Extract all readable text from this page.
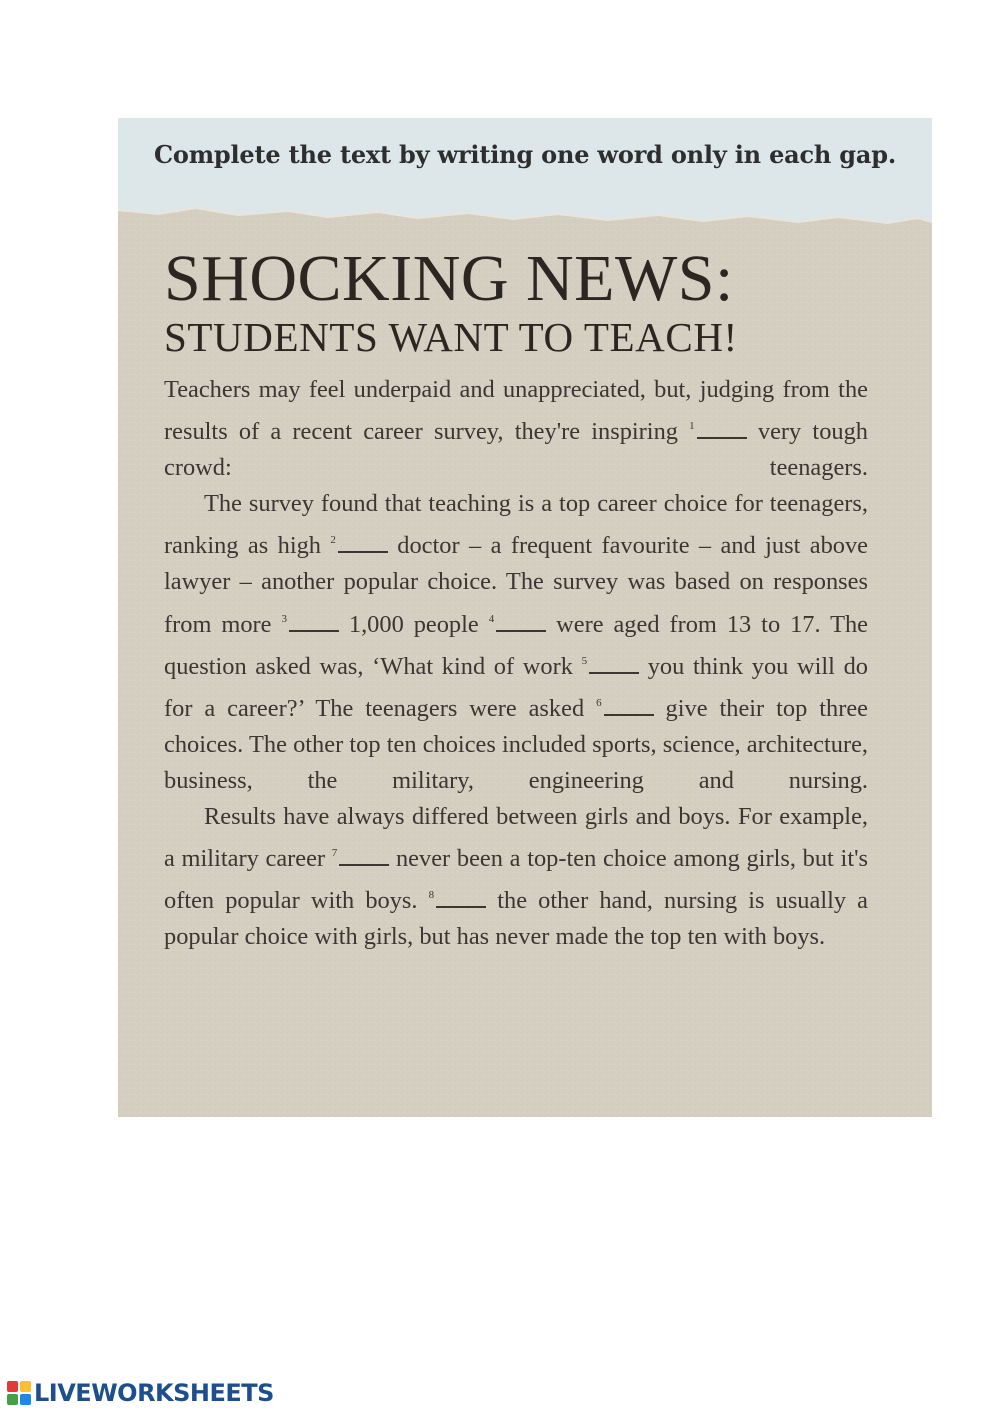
Complete the text by writing one word only in each gap.
SHOCKING NEWS:
STUDENTS WANT TO TEACH!

Teachers may feel underpaid and unappreciated, but, judging from the results of a recent career survey, they're inspiring $^1$ very tough crowd: teenagers.

The survey found that teaching is a top career choice for teenagers, ranking as high $^2$ doctor – a frequent favourite – and just above lawyer – another popular choice. The survey was based on responses from more $^3$ 1,000 people $^4$ were aged from 13 to 17. The question asked was, ‘What kind of work $^5$ you think you will do for a career?’ The teenagers were asked $^6$ give their top three choices. The other top ten choices included sports, science, architecture, business, the military, engineering and nursing.

Results have always differed between girls and boys. For example, a military career $^7$ never been a top-ten choice among girls, but it's often popular with boys. $^8$ the other hand, nursing is usually a popular choice with girls, but has never made the top ten with boys.

LIVEWORKSHEETS
